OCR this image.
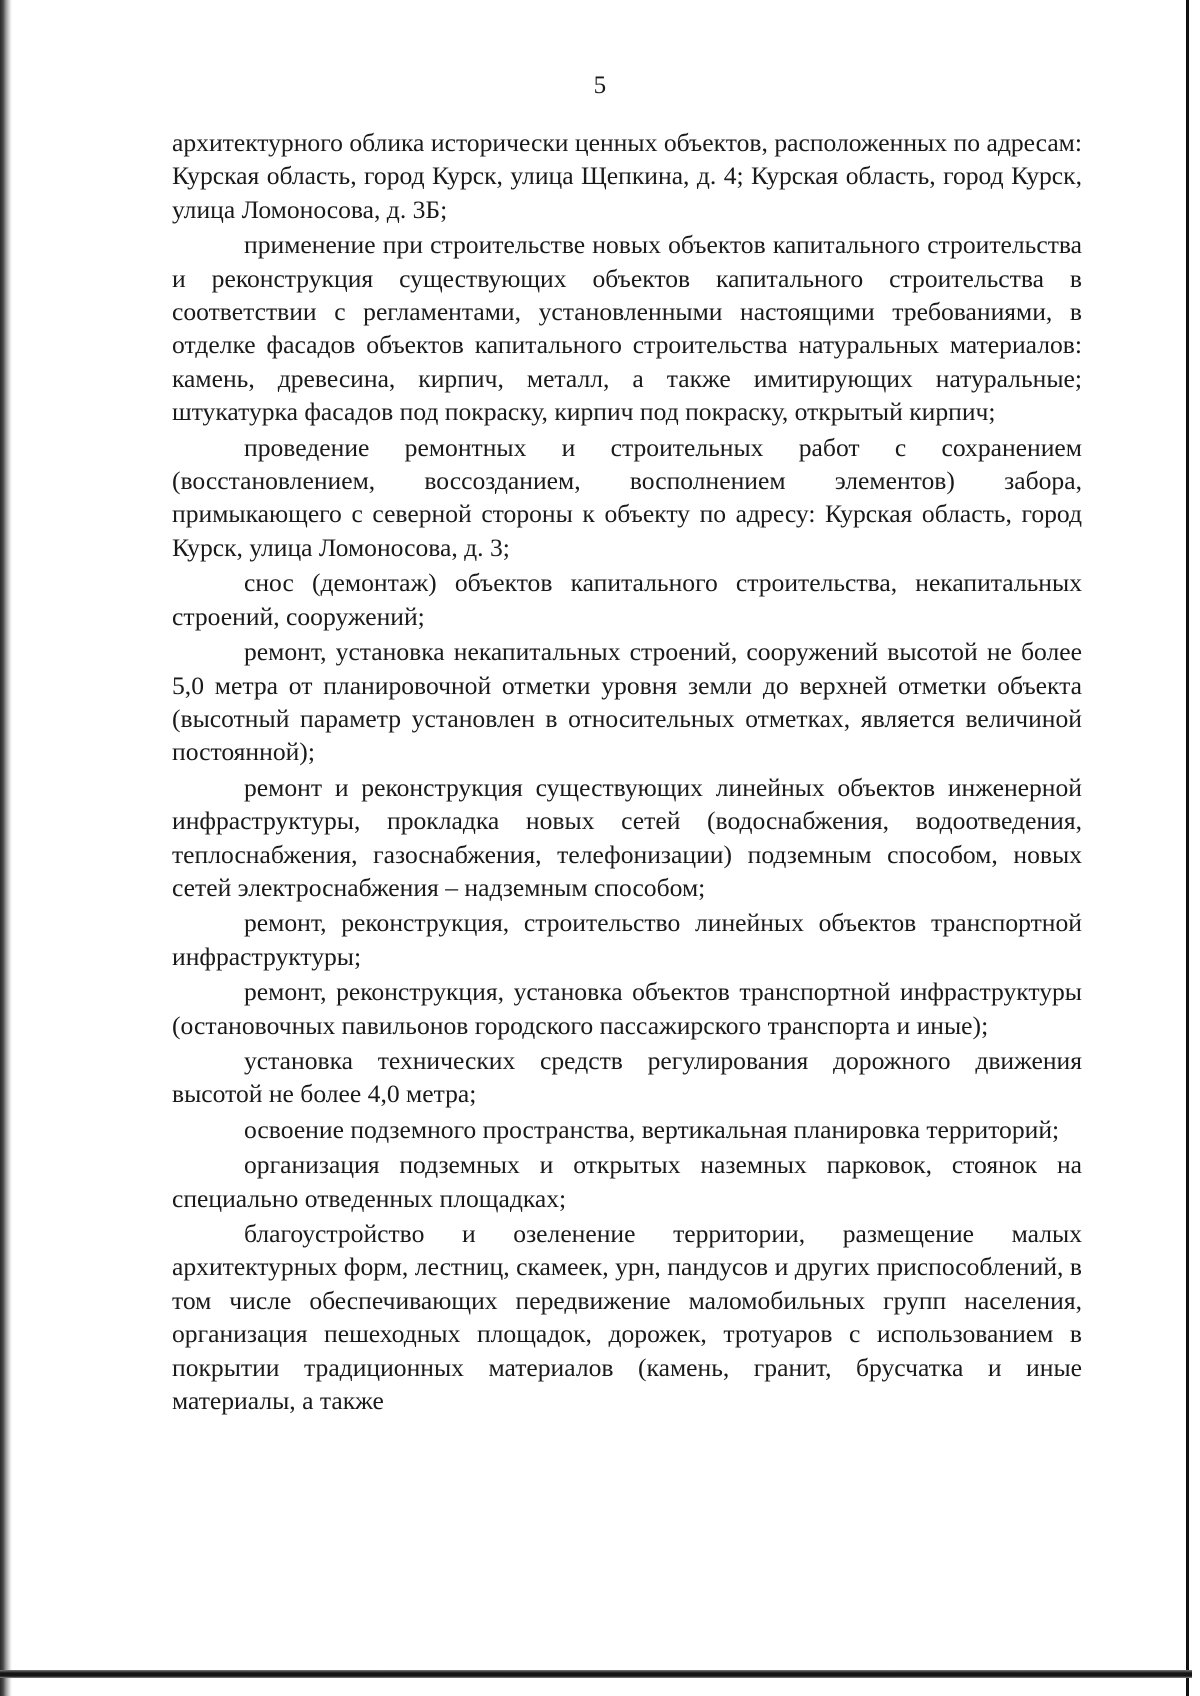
5

архитектурного облика исторически ценных объектов, расположенных по адресам: Курская область, город Курск, улица Щепкина, д. 4; Курская область, город Курск, улица Ломоносова, д. 3Б;

применение при строительстве новых объектов капитального строительства и реконструкция существующих объектов капитального строительства в соответствии с регламентами, установленными настоящими требованиями, в отделке фасадов объектов капитального строительства натуральных материалов: камень, древесина, кирпич, металл, а также имитирующих натуральные; штукатурка фасадов под покраску, кирпич под покраску, открытый кирпич;

проведение ремонтных и строительных работ с сохранением (восстановлением, воссозданием, восполнением элементов) забора, примыкающего с северной стороны к объекту по адресу: Курская область, город Курск, улица Ломоносова, д. 3;

снос (демонтаж) объектов капитального строительства, некапитальных строений, сооружений;

ремонт, установка некапитальных строений, сооружений высотой не более 5,0 метра от планировочной отметки уровня земли до верхней отметки объекта (высотный параметр установлен в относительных отметках, является величиной постоянной);

ремонт и реконструкция существующих линейных объектов инженерной инфраструктуры, прокладка новых сетей (водоснабжения, водоотведения, теплоснабжения, газоснабжения, телефонизации) подземным способом, новых сетей электроснабжения – надземным способом;

ремонт, реконструкция, строительство линейных объектов транспортной инфраструктуры;

ремонт, реконструкция, установка объектов транспортной инфраструктуры (остановочных павильонов городского пассажирского транспорта и иные);

установка технических средств регулирования дорожного движения высотой не более 4,0 метра;

освоение подземного пространства, вертикальная планировка территорий;

организация подземных и открытых наземных парковок, стоянок на специально отведенных площадках;

благоустройство и озеленение территории, размещение малых архитектурных форм, лестниц, скамеек, урн, пандусов и других приспособлений, в том числе обеспечивающих передвижение маломобильных групп населения, организация пешеходных площадок, дорожек, тротуаров с использованием в покрытии традиционных материалов (камень, гранит, брусчатка и иные материалы, а также
